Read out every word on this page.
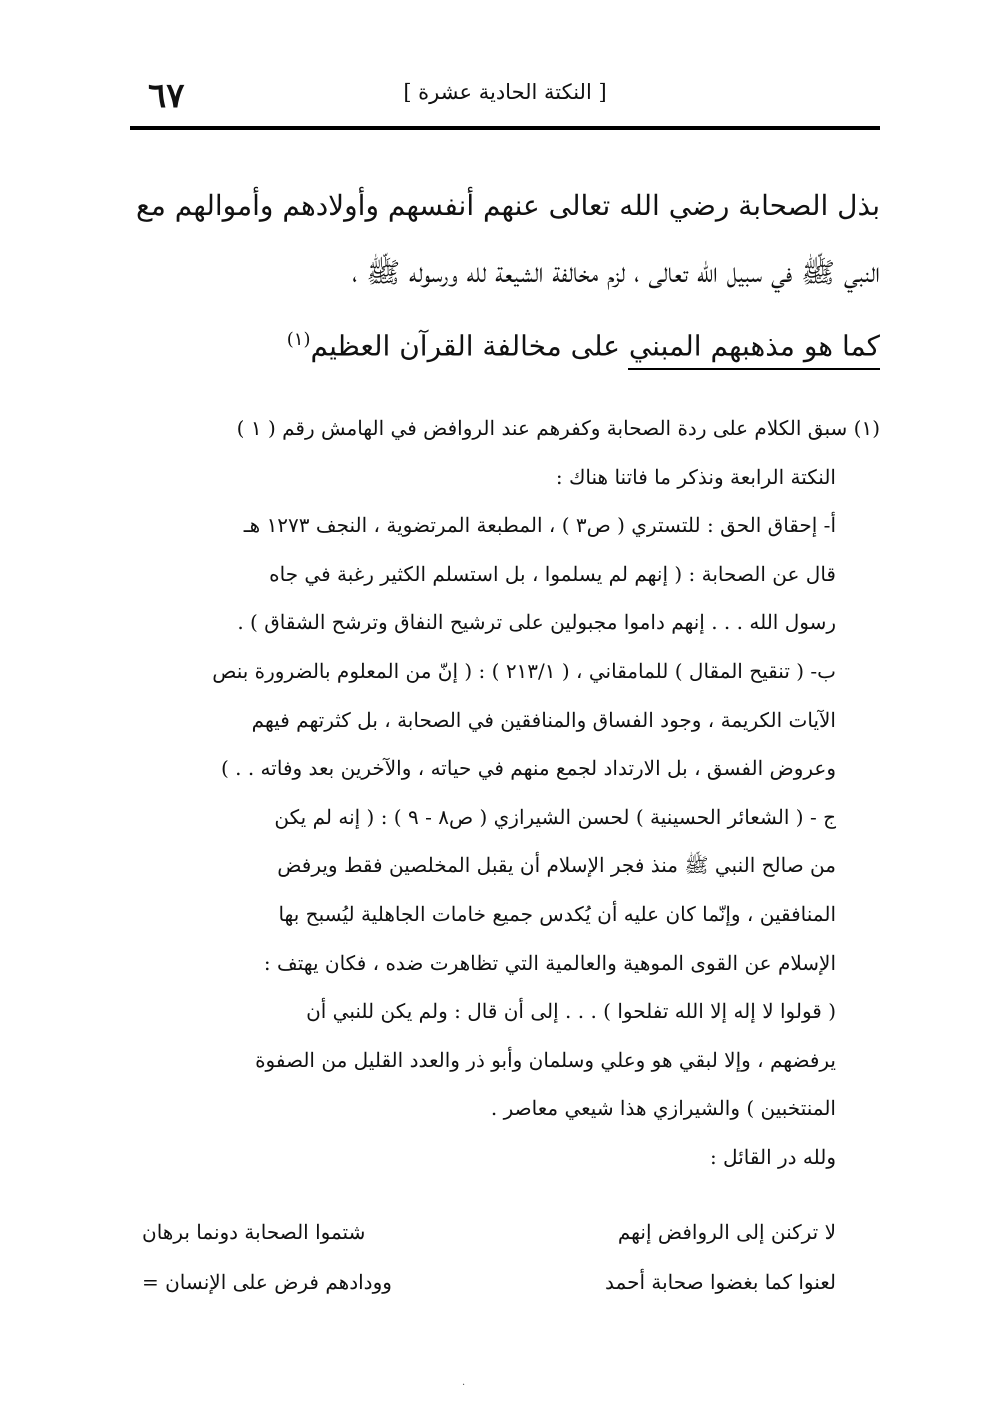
٦٧	[ النكتة الحادية عشرة ]
بذل الصحابة رضي الله تعالى عنهم أنفسهم وأولادهم وأموالهم مع
النبي ﷺ في سبيل الله تعالى ، لزم مخالفة الشيعة لله ورسوله ﷺ ،
كما هو مذهبهم المبني على مخالفة القرآن العظيم$^{(١)}$
(١) سبق الكلام على ردة الصحابة وكفرهم عند الروافض في الهامش رقم ( ١ )
النكتة الرابعة ونذكر ما فاتنا هناك :
أ- إحقاق الحق : للتستري ( ص٣ ) ، المطبعة المرتضوية ، النجف ١٢٧٣ هـ
قال عن الصحابة : ( إنهم لم يسلموا ، بل استسلم الكثير رغبة في جاه
رسول الله . . . إنهم داموا مجبولين على ترشيح النفاق وترشح الشقاق ) .
ب- ( تنقيح المقال ) للمامقاني ، ( ٢١٣/١ ) : ( إنّ من المعلوم بالضرورة بنص
الآيات الكريمة ، وجود الفساق والمنافقين في الصحابة ، بل كثرتهم فيهم
وعروض الفسق ، بل الارتداد لجمع منهم في حياته ، والآخرين بعد وفاته . . )
ج - ( الشعائر الحسينية ) لحسن الشيرازي ( ص٨ - ٩ ) : ( إنه لم يكن
من صالح النبي ﷺ منذ فجر الإسلام أن يقبل المخلصين فقط ويرفض
المنافقين ، وإنّما كان عليه أن يُكدس جميع خامات الجاهلية ليُسبح بها
الإسلام عن القوى الموهية والعالمية التي تظاهرت ضده ، فكان يهتف :
( قولوا لا إله إلا الله تفلحوا ) . . . إلى أن قال : ولم يكن للنبي أن
يرفضهم ، وإلا لبقي هو وعلي وسلمان وأبو ذر والعدد القليل من الصفوة
المنتخبين ) والشيرازي هذا شيعي معاصر .
ولله در القائل :
لا تركنن إلى الروافض إنهم
شتموا الصحابة دونما برهان
لعنوا كما بغضوا صحابة أحمد
وودادهم فرض على الإنسان =
·
